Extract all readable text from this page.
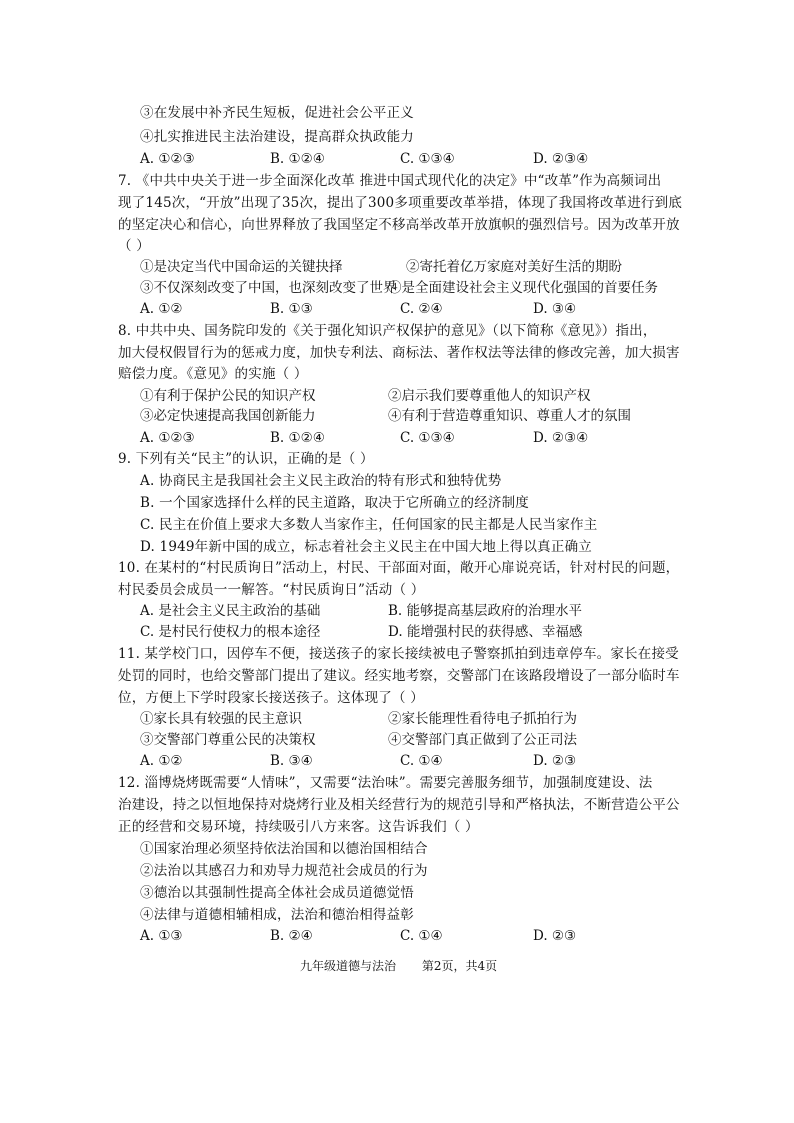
③在发展中补齐民生短板，促进社会公平正义
④扎实推进民主法治建设，提高群众执政能力
A. ①②③	B. ①②④	C. ①③④	D. ②③④
7. 《中共中央关于进一步全面深化改革 推进中国式现代化的决定》中“改革”作为高频词出
现了145次，“开放”出现了35次，提出了300多项重要改革举措，体现了我国将改革进行到底
的坚定决心和信心，向世界释放了我国坚定不移高举改革开放旗帜的强烈信号。因为改革开放
（ ）
①是决定当代中国命运的关键抉择	②寄托着亿万家庭对美好生活的期盼
③不仅深刻改变了中国，也深刻改变了世界
④是全面建设社会主义现代化强国的首要任务
A. ①②	B. ①③	C. ②④	D. ③④
8. 中共中央、国务院印发的《关于强化知识产权保护的意见》（以下简称《意见》）指出，
加大侵权假冒行为的惩戒力度，加快专利法、商标法、著作权法等法律的修改完善，加大损害
赔偿力度。《意见》的实施（ ）
①有利于保护公民的知识产权	②启示我们要尊重他人的知识产权
③必定快速提高我国创新能力	④有利于营造尊重知识、尊重人才的氛围
A. ①②③	B. ①②④	C. ①③④	D. ②③④
9. 下列有关“民主”的认识，正确的是（ ）
A. 协商民主是我国社会主义民主政治的特有形式和独特优势
B. 一个国家选择什么样的民主道路，取决于它所确立的经济制度
C. 民主在价值上要求大多数人当家作主，任何国家的民主都是人民当家作主
D. 1949年新中国的成立，标志着社会主义民主在中国大地上得以真正确立
10. 在某村的“村民质询日”活动上，村民、干部面对面，敞开心扉说亮话，针对村民的问题，
村民委员会成员一一解答。“村民质询日”活动（ ）
A. 是社会主义民主政治的基础	B. 能够提高基层政府的治理水平
C. 是村民行使权力的根本途径	D. 能增强村民的获得感、幸福感
11. 某学校门口，因停车不便，接送孩子的家长接续被电子警察抓拍到违章停车。家长在接受
处罚的同时，也给交警部门提出了建议。经实地考察，交警部门在该路段增设了一部分临时车
位，方便上下学时段家长接送孩子。这体现了（ ）
①家长具有较强的民主意识	②家长能理性看待电子抓拍行为
③交警部门尊重公民的决策权	④交警部门真正做到了公正司法
A. ①②	B. ③④	C. ①④	D. ②③
12. 淄博烧烤既需要“人情味”，又需要“法治味”。需要完善服务细节，加强制度建设、法
治建设，持之以恒地保持对烧烤行业及相关经营行为的规范引导和严格执法，不断营造公平公
正的经营和交易环境，持续吸引八方来客。这告诉我们（ ）
①国家治理必须坚持依法治国和以德治国相结合
②法治以其感召力和劝导力规范社会成员的行为
③德治以其强制性提高全体社会成员道德觉悟
④法律与道德相辅相成，法治和德治相得益彰
A. ①③	B. ②④	C. ①④	D. ②③
九年级道德与法治 第2页，共4页
